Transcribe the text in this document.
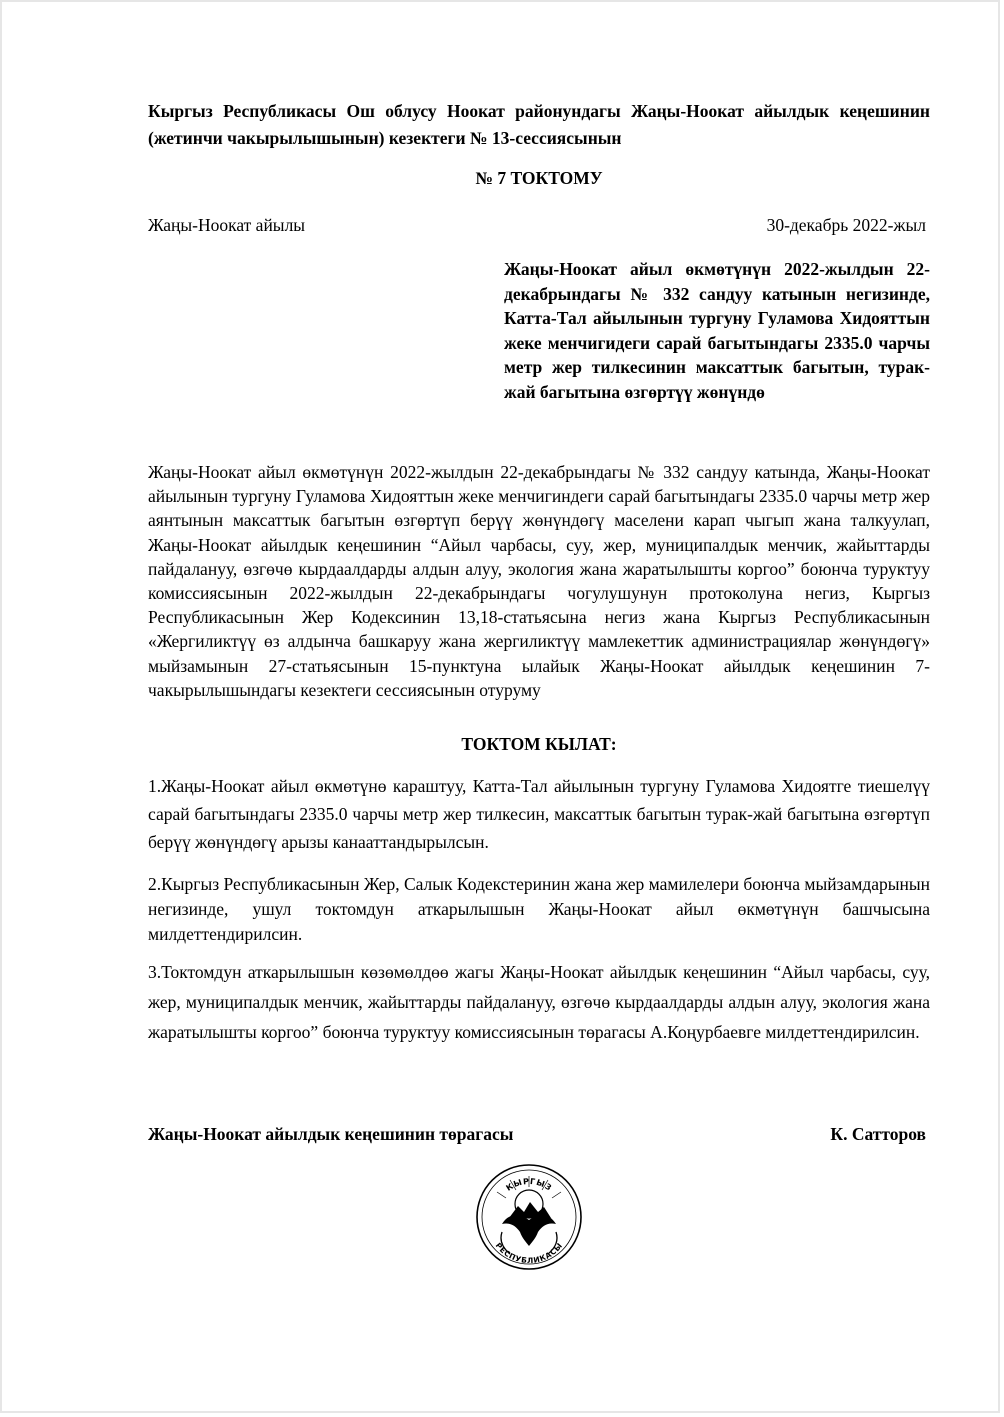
Кыргыз Республикасы Ош облусу Ноокат районундагы Жаңы-Ноокат айылдык кеңешинин (жетинчи чакырылышынын) кезектеги № 13-сессиясынын
№ 7 ТОКТОМУ
Жаңы-Ноокат айылы	30-декабрь 2022-жыл
Жаңы-Ноокат айыл өкмөтүнүн 2022-жылдын 22-декабрындагы № 332 сандуу катынын негизинде, Катта-Тал айылынын тургуну Гуламова Хидояттын жеке менчигидеги сарай багытындагы 2335.0 чарчы метр жер тилкесинин максаттык багытын, турак-жай багытына өзгөртүү жөнүндө
Жаңы-Ноокат айыл өкмөтүнүн 2022-жылдын 22-декабрындагы № 332 сандуу катында, Жаңы-Ноокат айылынын тургуну Гуламова Хидояттын жеке менчигиндеги сарай багытындагы 2335.0 чарчы метр жер аянтынын максаттык багытын өзгөртүп берүү жөнүндөгү маселени карап чыгып жана талкуулап, Жаңы-Ноокат айылдык кеңешинин “Айыл чарбасы, суу, жер, муниципалдык менчик, жайыттарды пайдалануу, өзгөчө кырдаалдарды алдын алуу, экология жана жаратылышты коргоо” боюнча туруктуу комиссиясынын 2022-жылдын 22-декабрындагы чогулушунун протоколуна негиз, Кыргыз Республикасынын Жер Кодексинин 13,18-статьясына негиз жана Кыргыз Республикасынын «Жергиликтүү өз алдынча башкаруу жана жергиликтүү мамлекеттик администрациялар жөнүндөгү» мыйзамынын 27-статьясынын 15-пунктуна ылайык Жаңы-Ноокат айылдык кеңешинин 7-чакырылышындагы кезектеги сессиясынын отуруму
ТОКТОМ КЫЛАТ:
1.Жаңы-Ноокат айыл өкмөтүнө караштуу, Катта-Тал айылынын тургуну Гуламова Хидоятге тиешелүү сарай багытындагы 2335.0 чарчы метр жер тилкесин, максаттык багытын турак-жай багытына өзгөртүп берүү жөнүндөгү арызы канааттандырылсын.
2.Кыргыз Республикасынын Жер, Салык Кодекстеринин жана жер мамилелери боюнча мыйзамдарынын негизинде, ушул токтомдун аткарылышын Жаңы-Ноокат айыл өкмөтүнүн башчысына милдеттендирилсин.
3.Токтомдун аткарылышын көзөмөлдөө жагы Жаңы-Ноокат айылдык кеңешинин “Айыл чарбасы, суу, жер, муниципалдык менчик, жайыттарды пайдалануу, өзгөчө кырдаалдарды алдын алуу, экология жана жаратылышты коргоо” боюнча туруктуу комиссиясынын төрагасы А.Коңурбаевге милдеттендирилсин.
Жаңы-Ноокат айылдык кеңешинин төрагасы	К. Сатторов
КЫРГЫЗ
РЕСПУБЛИКАСЫ
